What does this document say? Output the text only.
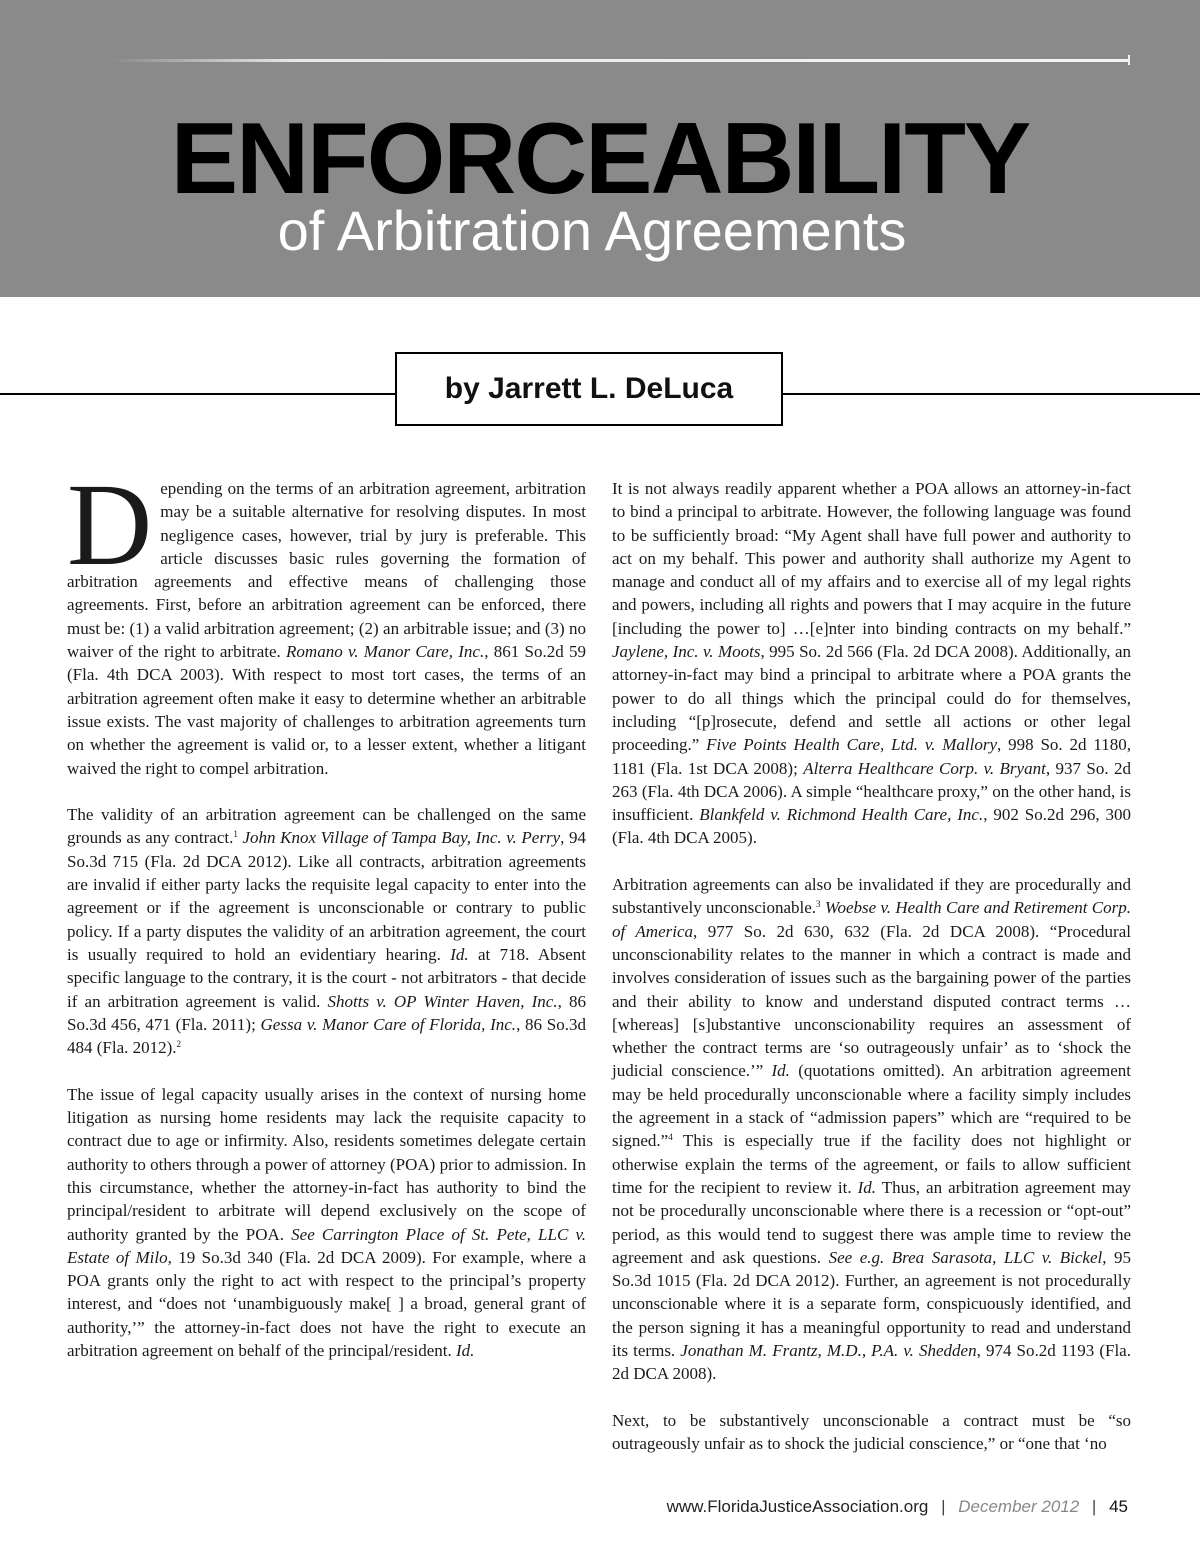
ENFORCEABILITY
of Arbitration Agreements
by Jarrett L. DeLuca

Depending on the terms of an arbitration agreement, arbitration may be a suitable alternative for resolving disputes. In most negligence cases, however, trial by jury is preferable. This article discusses basic rules governing the formation of arbitration agreements and effective means of challenging those agreements. First, before an arbitration agreement can be enforced, there must be: (1) a valid arbitration agreement; (2) an arbitrable issue; and (3) no waiver of the right to arbitrate. Romano v. Manor Care, Inc., 861 So.2d 59 (Fla. 4th DCA 2003). With respect to most tort cases, the terms of an arbitration agreement often make it easy to determine whether an arbitrable issue exists. The vast majority of challenges to arbitration agreements turn on whether the agreement is valid or, to a lesser extent, whether a litigant waived the right to compel arbitration.

The validity of an arbitration agreement can be challenged on the same grounds as any contract.$^1$ John Knox Village of Tampa Bay, Inc. v. Perry, 94 So.3d 715 (Fla. 2d DCA 2012). Like all contracts, arbitration agreements are invalid if either party lacks the requisite legal capacity to enter into the agreement or if the agreement is unconscionable or contrary to public policy. If a party disputes the validity of an arbitration agreement, the court is usually required to hold an evidentiary hearing. Id. at 718. Absent specific language to the contrary, it is the court - not arbitrators - that decide if an arbitration agreement is valid. Shotts v. OP Winter Haven, Inc., 86 So.3d 456, 471 (Fla. 2011); Gessa v. Manor Care of Florida, Inc., 86 So.3d 484 (Fla. 2012).$^2$

The issue of legal capacity usually arises in the context of nursing home litigation as nursing home residents may lack the requisite capacity to contract due to age or infirmity. Also, residents sometimes delegate certain authority to others through a power of attorney (POA) prior to admission. In this circumstance, whether the attorney-in-fact has authority to bind the principal/resident to arbitrate will depend exclusively on the scope of authority granted by the POA. See Carrington Place of St. Pete, LLC v. Estate of Milo, 19 So.3d 340 (Fla. 2d DCA 2009). For example, where a POA grants only the right to act with respect to the principal’s property interest, and “does not ‘unambiguously make[ ] a broad, general grant of authority,’” the attorney-in-fact does not have the right to execute an arbitration agreement on behalf of the principal/resident. Id.

It is not always readily apparent whether a POA allows an attorney-in-fact to bind a principal to arbitrate. However, the following language was found to be sufficiently broad: “My Agent shall have full power and authority to act on my behalf. This power and authority shall authorize my Agent to manage and conduct all of my affairs and to exercise all of my legal rights and powers, including all rights and powers that I may acquire in the future [including the power to] …[e]nter into binding contracts on my behalf.” Jaylene, Inc. v. Moots, 995 So. 2d 566 (Fla. 2d DCA 2008). Additionally, an attorney-in-fact may bind a principal to arbitrate where a POA grants the power to do all things which the principal could do for themselves, including “[p]rosecute, defend and settle all actions or other legal proceeding.” Five Points Health Care, Ltd. v. Mallory, 998 So. 2d 1180, 1181 (Fla. 1st DCA 2008); Alterra Healthcare Corp. v. Bryant, 937 So. 2d 263 (Fla. 4th DCA 2006). A simple “healthcare proxy,” on the other hand, is insufficient. Blankfeld v. Richmond Health Care, Inc., 902 So.2d 296, 300 (Fla. 4th DCA 2005).

Arbitration agreements can also be invalidated if they are procedurally and substantively unconscionable.$^3$ Woebse v. Health Care and Retirement Corp. of America, 977 So. 2d 630, 632 (Fla. 2d DCA 2008). “Procedural unconscionability relates to the manner in which a contract is made and involves consideration of issues such as the bargaining power of the parties and their ability to know and understand disputed contract terms … [whereas] [s]ubstantive unconscionability requires an assessment of whether the contract terms are ‘so outrageously unfair’ as to ‘shock the judicial conscience.’” Id. (quotations omitted). An arbitration agreement may be held procedurally unconscionable where a facility simply includes the agreement in a stack of “admission papers” which are “required to be signed.”$^4$ This is especially true if the facility does not highlight or otherwise explain the terms of the agreement, or fails to allow sufficient time for the recipient to review it. Id. Thus, an arbitration agreement may not be procedurally unconscionable where there is a recession or “opt-out” period, as this would tend to suggest there was ample time to review the agreement and ask questions. See e.g. Brea Sarasota, LLC v. Bickel, 95 So.3d 1015 (Fla. 2d DCA 2012). Further, an agreement is not procedurally unconscionable where it is a separate form, conspicuously identified, and the person signing it has a meaningful opportunity to read and understand its terms. Jonathan M. Frantz, M.D., P.A. v. Shedden, 974 So.2d 1193 (Fla. 2d DCA 2008).

Next, to be substantively unconscionable a contract must be “so outrageously unfair as to shock the judicial conscience,” or “one that ‘no

www.FloridaJusticeAssociation.org | December 2012 | 45
